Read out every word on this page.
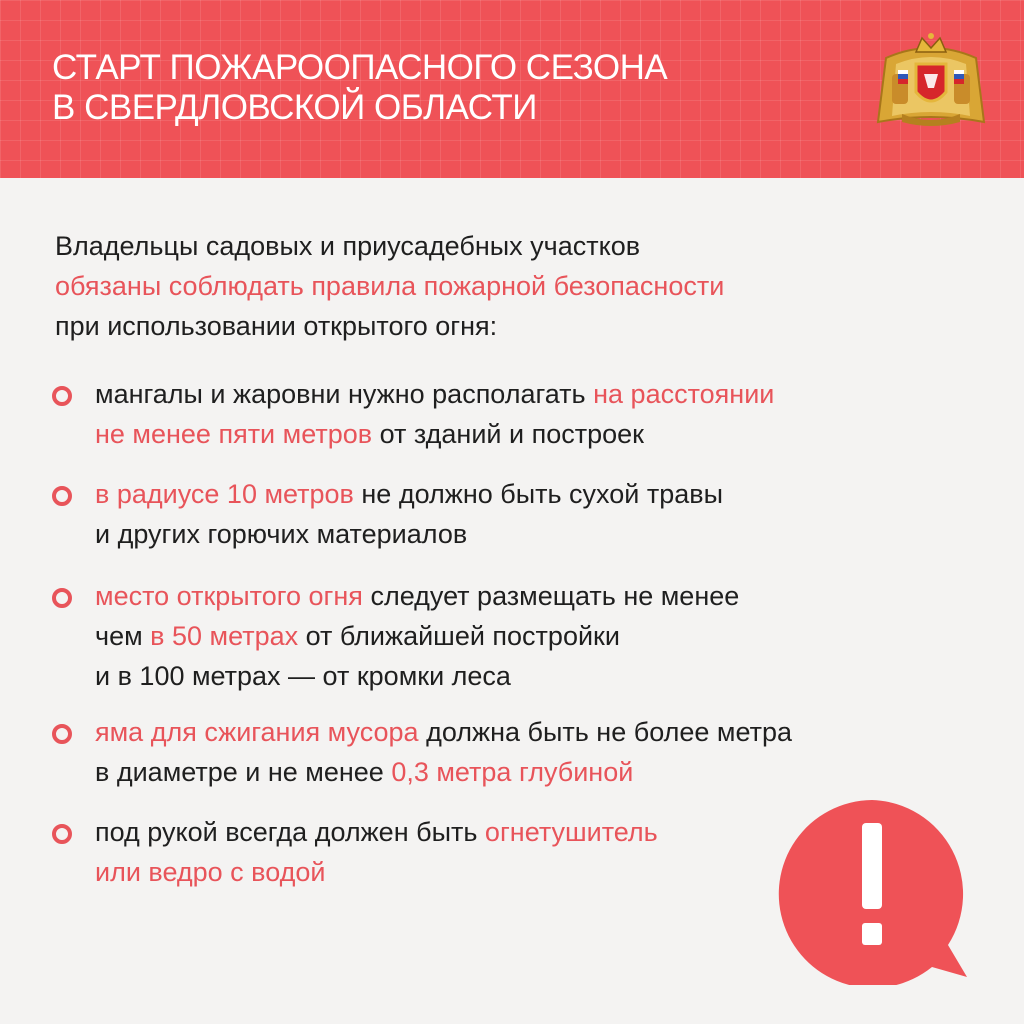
СТАРТ ПОЖАРООПАСНОГО СЕЗОНА
В СВЕРДЛОВСКОЙ ОБЛАСТИ
Владельцы садовых и приусадебных участков
обязаны соблюдать правила пожарной безопасности
при использовании открытого огня:
мангалы и жаровни нужно располагать на расстоянии
не менее пяти метров от зданий и построек
в радиусе 10 метров не должно быть сухой травы
и других горючих материалов
место открытого огня следует размещать не менее
чем в 50 метрах от ближайшей постройки
и в 100 метрах — от кромки леса
яма для сжигания мусора должна быть не более метра
в диаметре и не менее 0,3 метра глубиной
под рукой всегда должен быть огнетушитель
или ведро с водой
